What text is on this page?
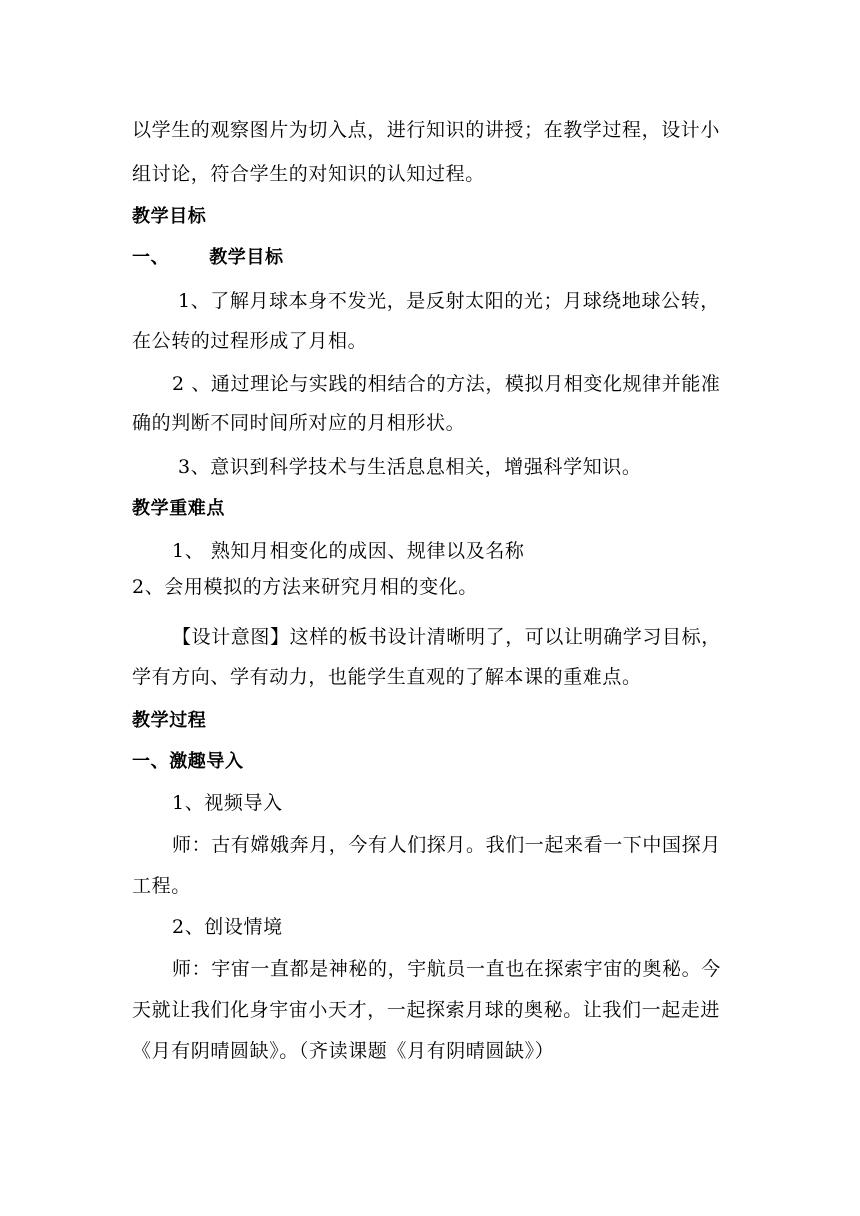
以学生的观察图片为切入点，进行知识的讲授；在教学过程，设计小
组讨论，符合学生的对知识的认知过程。
教学目标
一、 教学目标
1、了解月球本身不发光，是反射太阳的光；月球绕地球公转，
在公转的过程形成了月相。
2 、通过理论与实践的相结合的方法，模拟月相变化规律并能准
确的判断不同时间所对应的月相形状。
3、意识到科学技术与生活息息相关，增强科学知识。
教学重难点
1、 熟知月相变化的成因、规律以及名称
2、会用模拟的方法来研究月相的变化。
【设计意图】这样的板书设计清晰明了，可以让明确学习目标，
学有方向、学有动力，也能学生直观的了解本课的重难点。
教学过程
一、激趣导入
1、视频导入
师：古有嫦娥奔月，今有人们探月。我们一起来看一下中国探月
工程。
2、创设情境
师：宇宙一直都是神秘的，宇航员一直也在探索宇宙的奥秘。今
天就让我们化身宇宙小天才，一起探索月球的奥秘。让我们一起走进
《月有阴晴圆缺》。（齐读课题《月有阴晴圆缺》）
